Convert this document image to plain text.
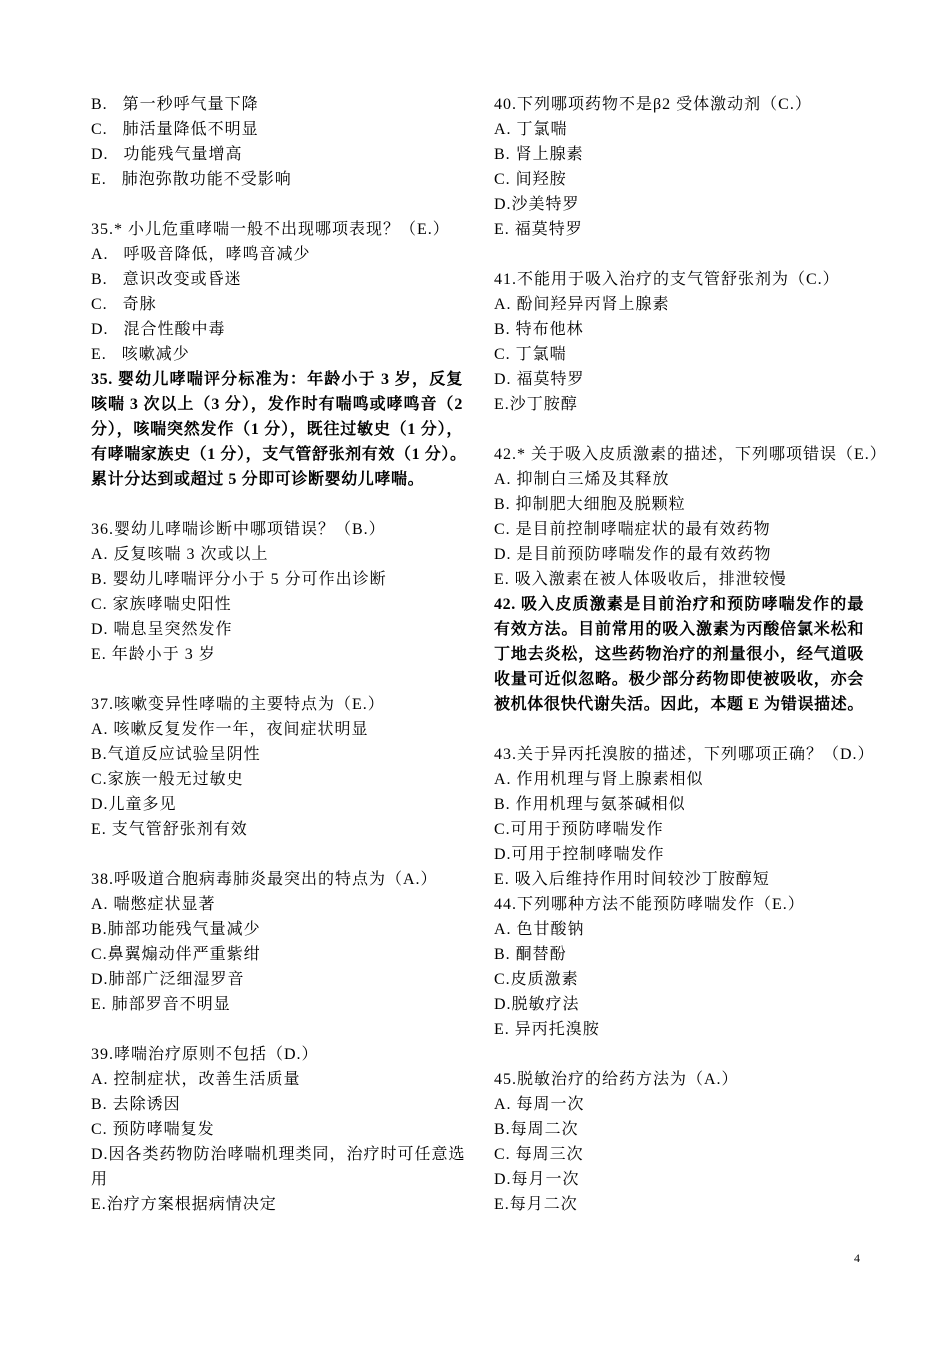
B.   第一秒呼气量下降
C.   肺活量降低不明显
D.   功能残气量增高
E.   肺泡弥散功能不受影响
35.* 小儿危重哮喘一般不出现哪项表现？（E.）
A.   呼吸音降低，哮鸣音减少
B.   意识改变或昏迷
C.   奇脉
D.   混合性酸中毒
E.   咳嗽减少
35. 婴幼儿哮喘评分标准为：年龄小于 3 岁，反复
咳喘 3 次以上（3 分），发作时有喘鸣或哮鸣音（2
分），咳喘突然发作（1 分），既往过敏史（1 分），
有哮喘家族史（1 分），支气管舒张剂有效（1 分）。
累计分达到或超过 5 分即可诊断婴幼儿哮喘。
36.婴幼儿哮喘诊断中哪项错误？（B.）
A. 反复咳喘 3 次或以上
B. 婴幼儿哮喘评分小于 5 分可作出诊断
C. 家族哮喘史阳性
D. 喘息呈突然发作
E. 年龄小于 3 岁
37.咳嗽变异性哮喘的主要特点为（E.）
A. 咳嗽反复发作一年，夜间症状明显
B.气道反应试验呈阴性
C.家族一般无过敏史
D.儿童多见
E. 支气管舒张剂有效
38.呼吸道合胞病毒肺炎最突出的特点为（A.）
A. 喘憋症状显著
B.肺部功能残气量减少
C.鼻翼煽动伴严重紫绀
D.肺部广泛细湿罗音
E. 肺部罗音不明显
39.哮喘治疗原则不包括（D.）
A. 控制症状，改善生活质量
B. 去除诱因
C. 预防哮喘复发
D.因各类药物防治哮喘机理类同，治疗时可任意选
用
E.治疗方案根据病情决定
40.下列哪项药物不是β2 受体激动剂（C.）
A. 丁氯喘
B. 肾上腺素
C. 间羟胺
D.沙美特罗
E. 福莫特罗
41.不能用于吸入治疗的支气管舒张剂为（C.）
A. 酚间羟异丙肾上腺素
B. 特布他林
C. 丁氯喘
D. 福莫特罗
E.沙丁胺醇
42.* 关于吸入皮质激素的描述，下列哪项错误（E.）
A. 抑制白三烯及其释放
B. 抑制肥大细胞及脱颗粒
C. 是目前控制哮喘症状的最有效药物
D. 是目前预防哮喘发作的最有效药物
E. 吸入激素在被人体吸收后，排泄较慢
42. 吸入皮质激素是目前治疗和预防哮喘发作的最
有效方法。目前常用的吸入激素为丙酸倍氯米松和
丁地去炎松，这些药物治疗的剂量很小，经气道吸
收量可近似忽略。极少部分药物即使被吸收，亦会
被机体很快代谢失活。因此，本题 E 为错误描述。
43.关于异丙托溴胺的描述，下列哪项正确？（D.）
A. 作用机理与肾上腺素相似
B. 作用机理与氨茶碱相似
C.可用于预防哮喘发作
D.可用于控制哮喘发作
E. 吸入后维持作用时间较沙丁胺醇短
44.下列哪种方法不能预防哮喘发作（E.）
A. 色甘酸钠
B. 酮替酚
C.皮质激素
D.脱敏疗法
E. 异丙托溴胺
45.脱敏治疗的给药方法为（A.）
A. 每周一次
B.每周二次
C. 每周三次
D.每月一次
E.每月二次
4
